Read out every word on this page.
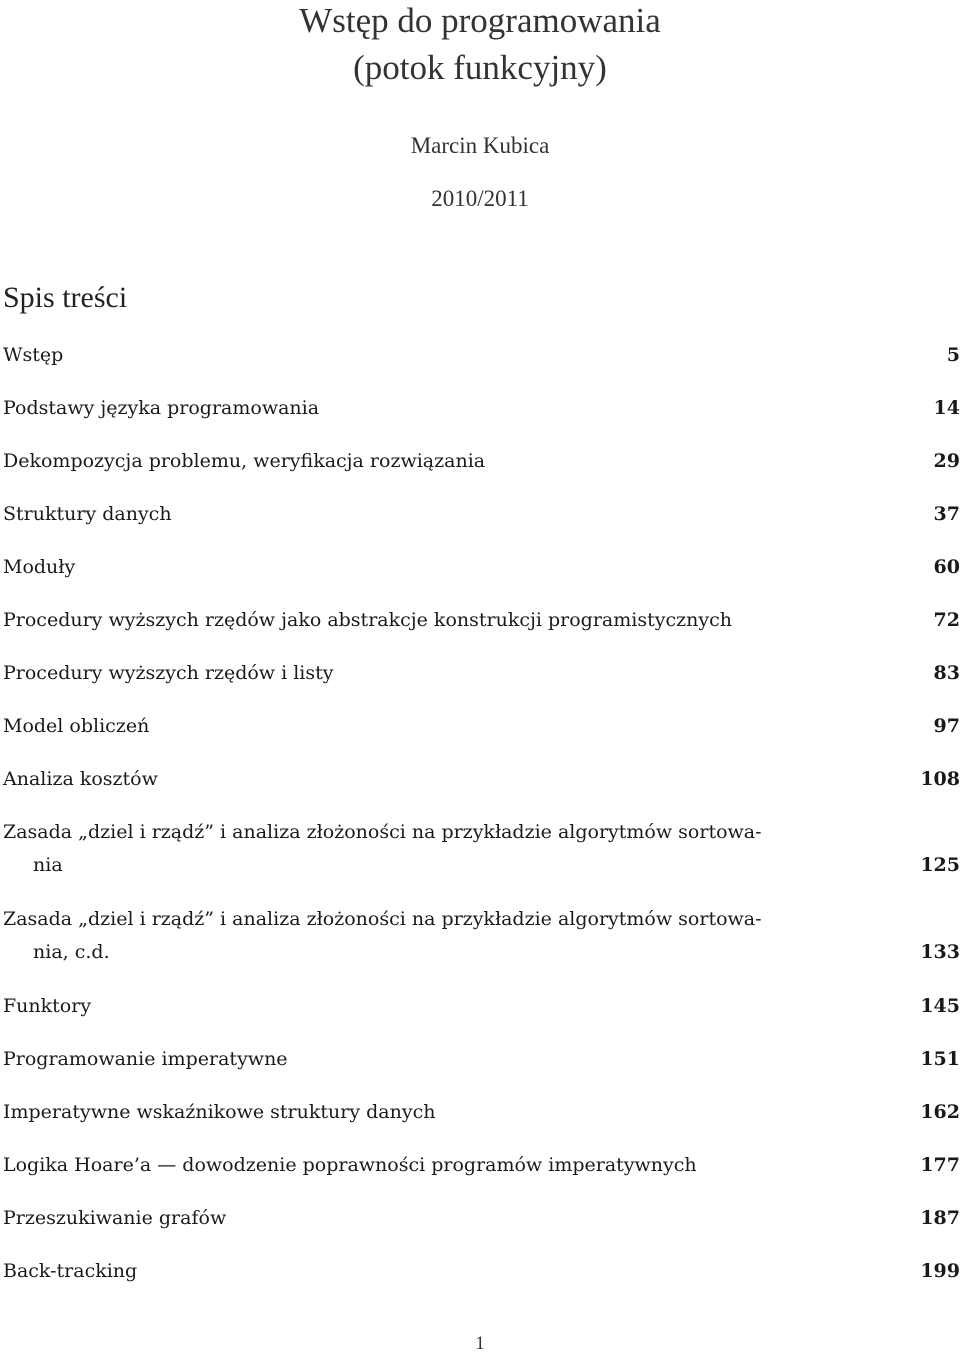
Wstęp do programowania
(potok funkcyjny)
Marcin Kubica
2010/2011
Spis treści
Wstęp	5
Podstawy języka programowania	14
Dekompozycja problemu, weryfikacja rozwiązania	29
Struktury danych	37
Moduły	60
Procedury wyższych rzędów jako abstrakcje konstrukcji programistycznych	72
Procedury wyższych rzędów i listy	83
Model obliczeń	97
Analiza kosztów	108
Zasada „dziel i rządź” i analiza złożoności na przykładzie algorytmów sortowa-
nia	125
Zasada „dziel i rządź” i analiza złożoności na przykładzie algorytmów sortowa-
nia, c.d.	133
Funktory	145
Programowanie imperatywne	151
Imperatywne wskaźnikowe struktury danych	162
Logika Hoare’a — dowodzenie poprawności programów imperatywnych	177
Przeszukiwanie grafów	187
Back-tracking	199
1
